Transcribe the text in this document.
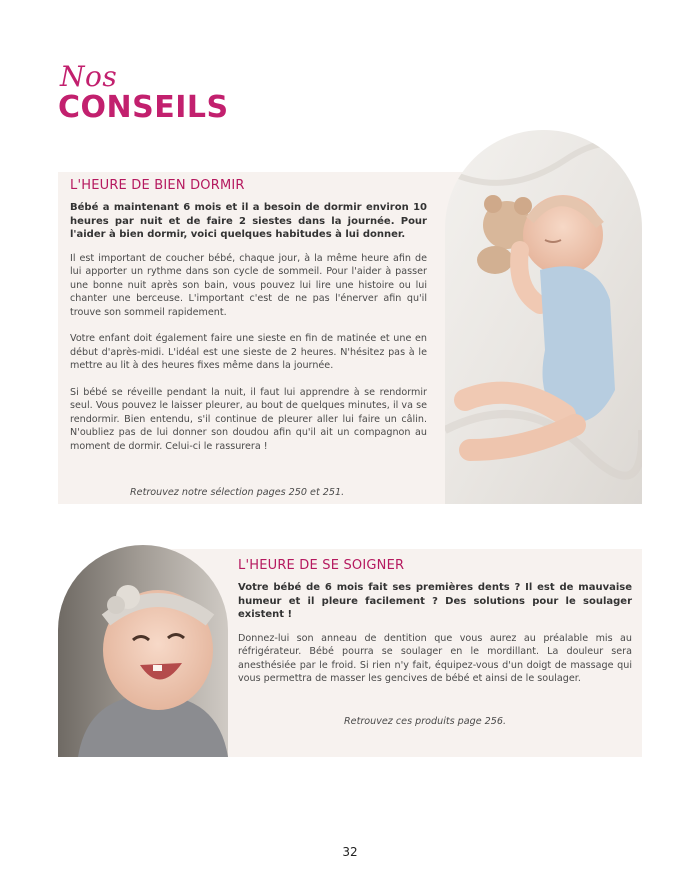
Nos
CONSEILS
L'HEURE DE BIEN DORMIR
Bébé a maintenant 6 mois et il a besoin de dormir environ 10 heures par nuit et de faire 2 siestes dans la journée. Pour l'aider à bien dormir, voici quelques habitudes à lui donner.

Il est important de coucher bébé, chaque jour, à la même heure afin de lui apporter un rythme dans son cycle de sommeil. Pour l'aider à passer une bonne nuit après son bain, vous pouvez lui lire une histoire ou lui chanter une berceuse. L'important c'est de ne pas l'énerver afin qu'il trouve son sommeil rapidement.

Votre enfant doit également faire une sieste en fin de matinée et une en début d'après-midi. L'idéal est une sieste de 2 heures. N'hésitez pas à le mettre au lit à des heures fixes même dans la journée.

Si bébé se réveille pendant la nuit, il faut lui apprendre à se rendormir seul. Vous pouvez le laisser pleurer, au bout de quelques minutes, il va se rendormir. Bien entendu, s'il continue de pleurer aller lui faire un câlin. N'oubliez pas de lui donner son doudou afin qu'il ait un compagnon au moment de dormir. Celui-ci le rassurera !

Retrouvez notre sélection pages 250 et 251.
L'HEURE DE SE SOIGNER
Votre bébé de 6 mois fait ses premières dents ? Il est de mauvaise humeur et il pleure facilement ? Des solutions pour le soulager existent !

Donnez-lui son anneau de dentition que vous aurez au préalable mis au réfrigérateur. Bébé pourra se soulager en le mordillant. La douleur sera anesthésiée par le froid. Si rien n'y fait, équipez-vous d'un doigt de massage qui vous permettra de masser les gencives de bébé et ainsi de le soulager.

Retrouvez ces produits page 256.
32
